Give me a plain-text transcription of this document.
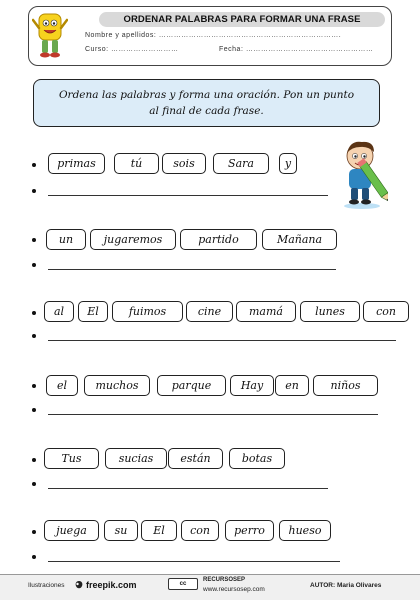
ORDENAR PALABRAS PARA FORMAR UNA FRASE
Nombre y apellidos: ……………………………………………………………….
Curso: ………………………	Fecha: ……………………………………………
Ordena las palabras y forma una oración. Pon un punto
al final de cada frase.
primas	tú	sois	Sara	y
un	jugaremos	partido	Mañana
al	El	fuimos	cine	mamá	lunes	con
el	muchos	parque	Hay	en	niños
Tus	sucias	están	botas
juega	su	El	con	perro	hueso
Ilustraciones freepik.com	cc
RECURSOSEP
www.recursosep.com
AUTOR: Maria Olivares
